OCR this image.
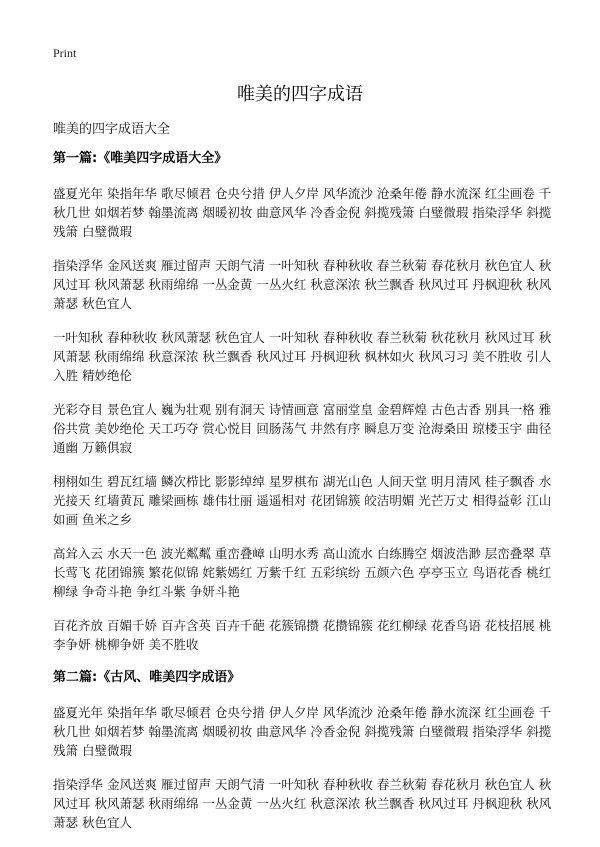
Print
唯美的四字成语
唯美的四字成语大全
第一篇:《唯美四字成语大全》

盛夏光年 染指年华 歌尽倾君 仓央兮措 伊人夕岸 风华流沙 沧桑年倦 静水流深 红尘画卷 千秋几世 如烟若梦 翰墨流离 烟暖初妆 曲意风华 冷香金倪 斜揽残箫 白璧微瑕 指染浮华 斜揽残箫 白璧微瑕

指染浮华 金风送爽 雁过留声 天朗气清 一叶知秋 春种秋收 春兰秋菊 春花秋月 秋色宜人 秋风过耳 秋风萧瑟 秋雨绵绵 一丛金黄 一丛火红 秋意深浓 秋兰飘香 秋风过耳 丹枫迎秋 秋风萧瑟 秋色宜人

一叶知秋 春种秋收 秋风萧瑟 秋色宜人 一叶知秋 春种秋收 春兰秋菊 秋花秋月 秋风过耳 秋风萧瑟 秋雨绵绵 秋意深浓 秋兰飘香 秋风过耳 丹枫迎秋 枫林如火 秋风习习 美不胜收 引人入胜 精妙绝伦

光彩夺目 景色宜人 巍为壮观 别有洞天 诗情画意 富丽堂皇 金碧辉煌 古色古香 别具一格 雅俗共赏 美妙绝伦 天工巧夺 赏心悦目 回肠荡气 井然有序 瞬息万变 沧海桑田 琼楼玉宇 曲径通幽 万籁俱寂

栩栩如生 碧瓦红墙 鳞次栉比 影影绰绰 星罗棋布 湖光山色 人间天堂 明月清风 桂子飘香 水光接天 红墙黄瓦 雕梁画栋 雄伟壮丽 遥遥相对 花团锦簇 皎洁明媚 光芒万丈 相得益彰 江山如画 鱼米之乡

高耸入云 水天一色 波光粼粼 重峦叠嶂 山明水秀 高山流水 白练腾空 烟波浩渺 层峦叠翠 草长莺飞 花团锦簇 繁花似锦 姹紫嫣红 万紫千红 五彩缤纷 五颜六色 亭亭玉立 鸟语花香 桃红柳绿 争奇斗艳 争红斗紫 争妍斗艳

百花齐放 百媚千娇 百卉含英 百卉千葩 花簇锦攒 花攒锦簇 花红柳绿 花香鸟语 花枝招展 桃李争妍 桃柳争妍 美不胜收

第二篇:《古风、唯美四字成语》

盛夏光年 染指年华 歌尽倾君 仓央兮措 伊人夕岸 风华流沙 沧桑年倦 静水流深 红尘画卷 千秋几世 如烟若梦 翰墨流离 烟暖初妆 曲意风华 冷香金倪 斜揽残箫 白璧微瑕 指染浮华 斜揽残箫 白璧微瑕

指染浮华 金风送爽 雁过留声 天朗气清 一叶知秋 春种秋收 春兰秋菊 春花秋月 秋色宜人 秋风过耳 秋风萧瑟 秋雨绵绵 一丛金黄 一丛火红 秋意深浓 秋兰飘香 秋风过耳 丹枫迎秋 秋风萧瑟 秋色宜人
